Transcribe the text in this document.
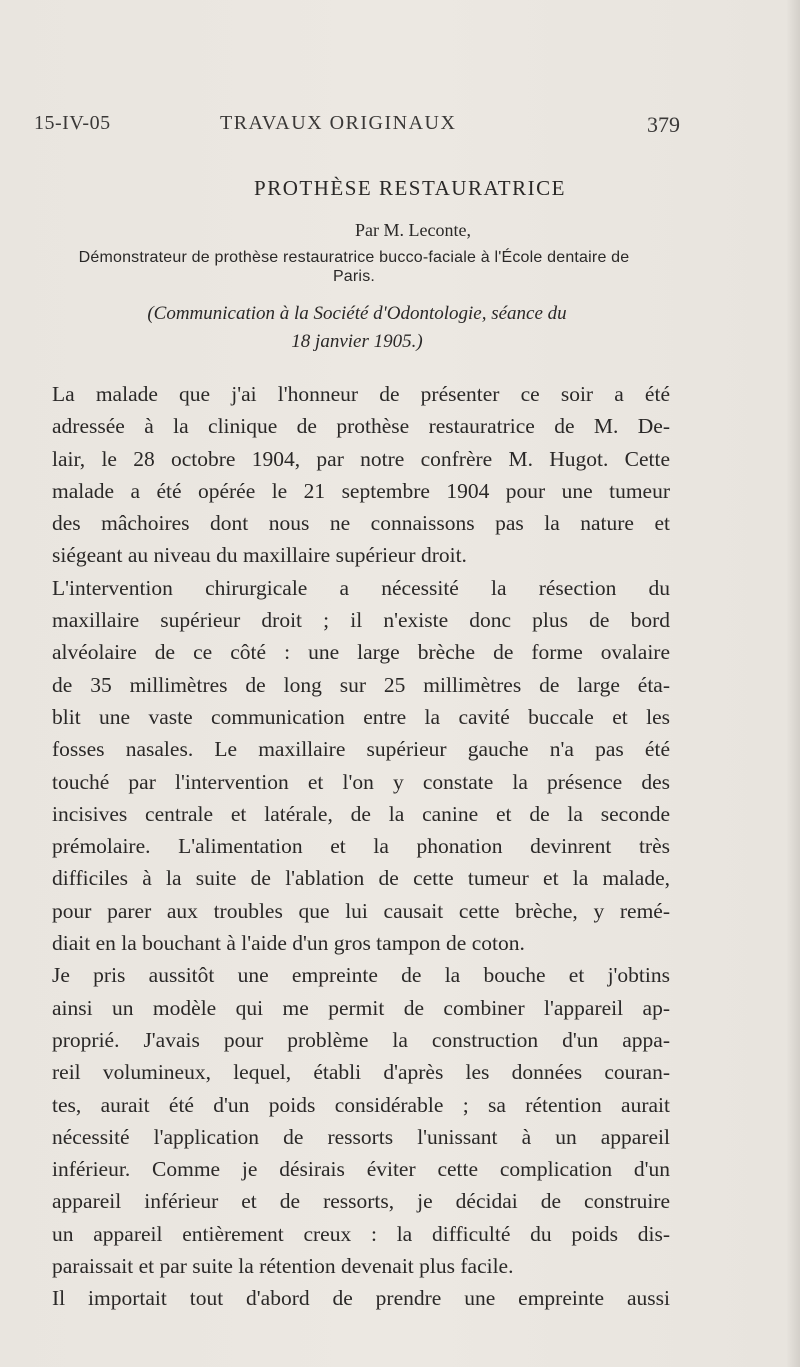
15-IV-05	TRAVAUX ORIGINAUX	379
PROTHÈSE RESTAURATRICE
Par M. Leconte,
Démonstrateur de prothèse restauratrice bucco-faciale à l'École dentaire de
Paris.
(Communication à la Société d'Odontologie, séance du
18 janvier 1905.)
La malade que j'ai l'honneur de présenter ce soir a été
adressée à la clinique de prothèse restauratrice de M. De-
lair, le 28 octobre 1904, par notre confrère M. Hugot. Cette
malade a été opérée le 21 septembre 1904 pour une tumeur
des mâchoires dont nous ne connaissons pas la nature et
siégeant au niveau du maxillaire supérieur droit.
L'intervention chirurgicale a nécessité la résection du
maxillaire supérieur droit ; il n'existe donc plus de bord
alvéolaire de ce côté : une large brèche de forme ovalaire
de 35 millimètres de long sur 25 millimètres de large éta-
blit une vaste communication entre la cavité buccale et les
fosses nasales. Le maxillaire supérieur gauche n'a pas été
touché par l'intervention et l'on y constate la présence des
incisives centrale et latérale, de la canine et de la seconde
prémolaire. L'alimentation et la phonation devinrent très
difficiles à la suite de l'ablation de cette tumeur et la malade,
pour parer aux troubles que lui causait cette brèche, y remé-
diait en la bouchant à l'aide d'un gros tampon de coton.
Je pris aussitôt une empreinte de la bouche et j'obtins
ainsi un modèle qui me permit de combiner l'appareil ap-
proprié. J'avais pour problème la construction d'un appa-
reil volumineux, lequel, établi d'après les données couran-
tes, aurait été d'un poids considérable ; sa rétention aurait
nécessité l'application de ressorts l'unissant à un appareil
inférieur. Comme je désirais éviter cette complication d'un
appareil inférieur et de ressorts, je décidai de construire
un appareil entièrement creux : la difficulté du poids dis-
paraissait et par suite la rétention devenait plus facile.
Il importait tout d'abord de prendre une empreinte aussi
